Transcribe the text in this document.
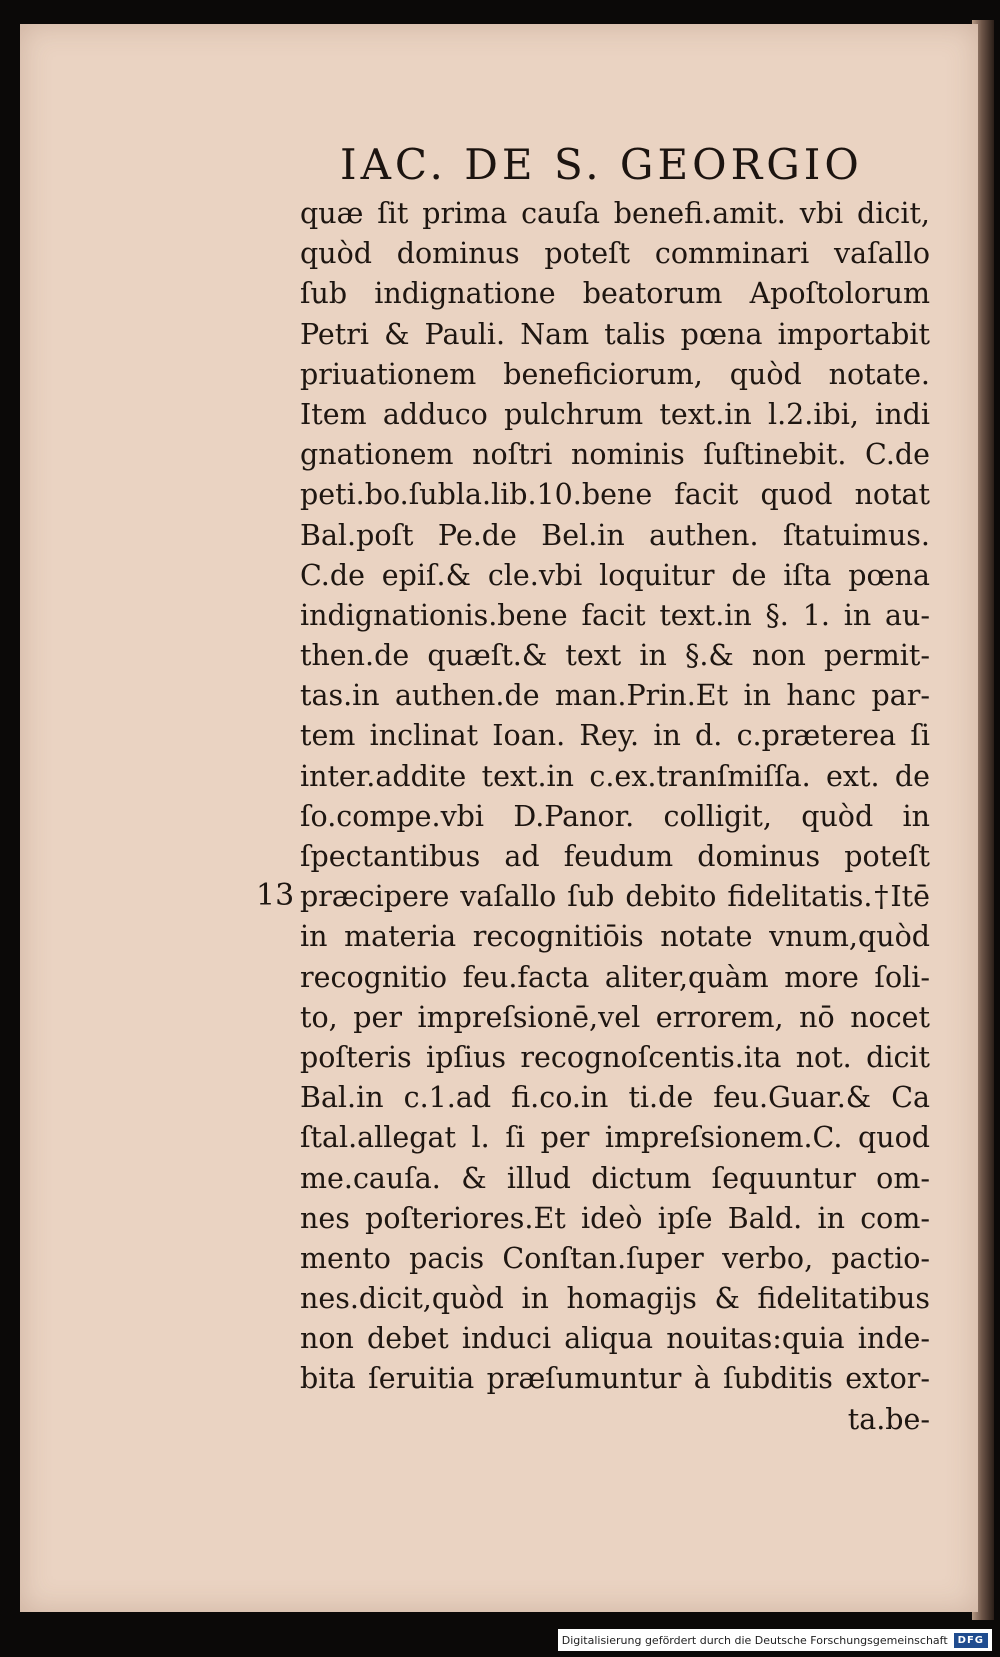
IAC. DE S. GEORGIO
13
quæ ſit prima cauſa benefi.amit. vbi dicit,
quòd dominus poteſt comminari vaſallo
ſub indignatione beatorum Apoſtolorum
Petri & Pauli. Nam talis pœna importabit
priuationem beneficiorum, quòd notate.
Item adduco pulchrum text.in l.2.ibi, indi
gnationem noſtri nominis ſuſtinebit. C.de
peti.bo.ſubla.lib.10.bene facit quod notat
Bal.poſt Pe.de Bel.in authen. ſtatuimus.
C.de epiſ.& cle.vbi loquitur de iſta pœna
indignationis.bene facit text.in §. 1. in au-
then.de quæſt.& text in §.& non permit-
tas.in authen.de man.Prin.Et in hanc par-
tem inclinat Ioan. Rey. in d. c.præterea ſi
inter.addite text.in c.ex.tranſmiſſa. ext. de
ſo.compe.vbi D.Panor. colligit, quòd in
ſpectantibus ad feudum dominus poteſt
præcipere vaſallo ſub debito fidelitatis.†Itē
in materia recognitiōis notate vnum,quòd
recognitio feu.facta aliter,quàm more ſoli-
to, per impreſsionē,vel errorem, nō nocet
poſteris ipſius recognoſcentis.ita not. dicit
Bal.in c.1.ad fi.co.in ti.de feu.Guar.& Ca
ſtal.allegat l. ſi per impreſsionem.C. quod
me.cauſa. & illud dictum ſequuntur om-
nes poſteriores.Et ideò ipſe Bald. in com-
mento pacis Conſtan.ſuper verbo, pactio-
nes.dicit,quòd in homagijs & fidelitatibus
non debet induci aliqua nouitas:quia inde-
bita ſeruitia præſumuntur à ſubditis extor-
ta.be-
Digitalisierung gefördert durch die Deutsche Forschungsgemeinschaft	DFG
